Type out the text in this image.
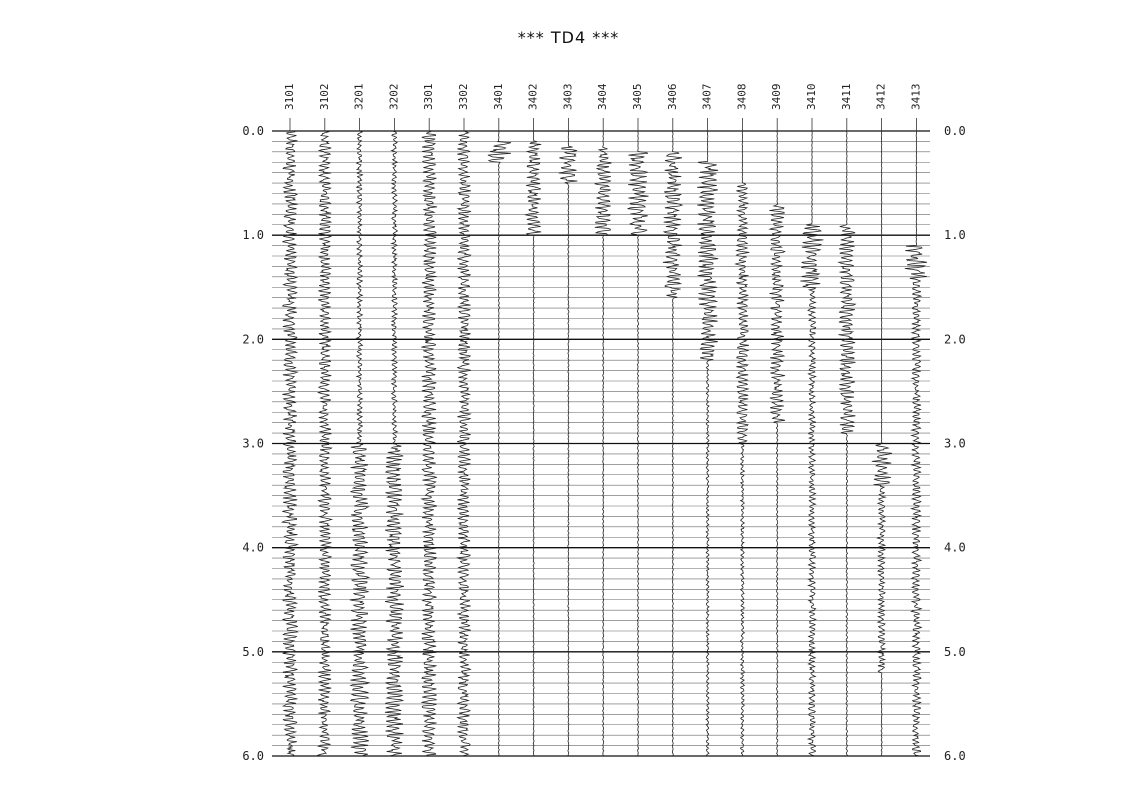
*** TD4 ***
0.0	0.0
1.0	1.0
2.0	2.0
3.0	3.0
4.0	4.0
5.0	5.0
6.0	6.0
3101 3102 3201 3202 3301 3302 3401 3402 3403 3404 3405 3406 3407 3408 3409 3410 3411 3412 3413
